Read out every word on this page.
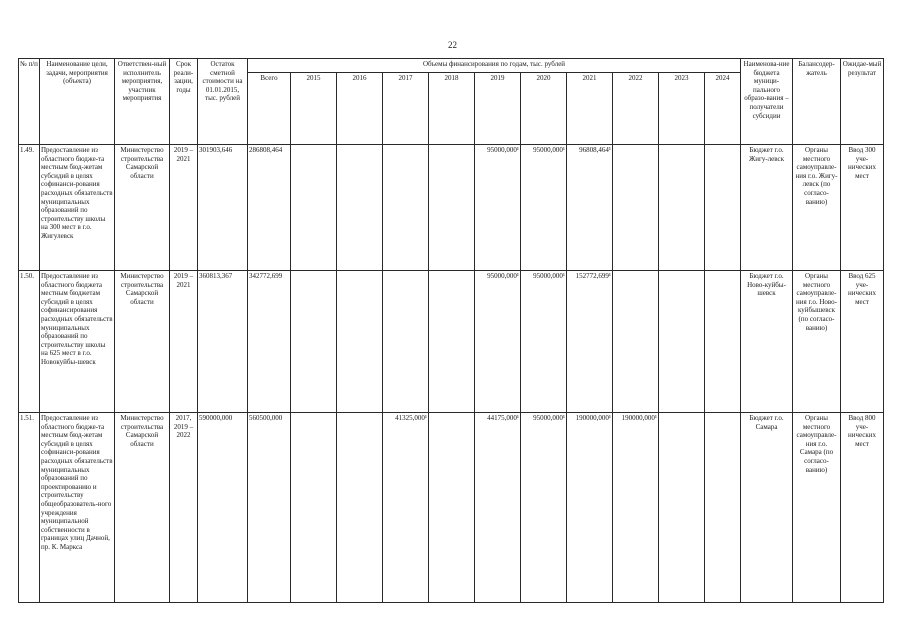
22
№ п/п	Наименование цели, задачи, мероприятия (объекта)	Ответствен-ный исполнитель мероприятия, участник мероприятия	Срок реали-зации, годы	Остаток сметной стоимости на 01.01.2015, тыс. рублей	Объемы финансирования по годам, тыс. рублей											Наименова-ние бюджета муници-пального образо-вания – получатели субсидии	Балансодер-жатель	Ожидае-мый результат
					Всего	2015	2016	2017	2018	2019	2020	2021	2022	2023	2024			
1.49.	Предоставление из областного бюдже-та местным бюд-жетам субсидий в целях софинанси-рования расходных обязательств муниципальных образований по строительству школы на 300 мест в г.о. Жигулевск	Министерство строительства Самарской области	2019 – 2021	301903,646	286808,464					95000,000¹	95000,000¹	96808,464¹				Бюджет г.о. Жигу-левск	Органы местного самоуправле-ния г.о. Жигу-левск (по согласо-ванию)	Ввод 300 уче-нических мест
1.50.	Предоставление из областного бюджета местным бюджетам субсидий в целях софинансирования расходных обязательств муниципальных образований по строительству школы на 625 мест в г.о. Новокуйбы-шевск	Министерство строительства Самарской области	2019 – 2021	360813,367	342772,699					95000,000¹	95000,000¹	152772,699¹				Бюджет г.о. Ново-куйбы-шевск	Органы местного самоуправле-ния г.о. Ново-куйбышевск (по согласо-ванию)	Ввод 625 уче-нических мест
1.51.	Предоставление из областного бюдже-та местным бюд-жетам субсидий в целях софинанси-рования расходных обязательств муниципальных образований по проектированию и строительству общеобразователь-ного учреждения муниципальной собственности в границах улиц Дачной, пр. К. Маркса	Министерство строительства Самарской области	2017, 2019 – 2022	590000,000	560500,000			41325,000¹		44175,000¹	95000,000¹	190000,000¹	190000,000¹			Бюджет г.о. Самара	Органы местного самоуправле-ния г.о. Самара (по согласо-ванию)	Ввод 800 уче-нических мест
